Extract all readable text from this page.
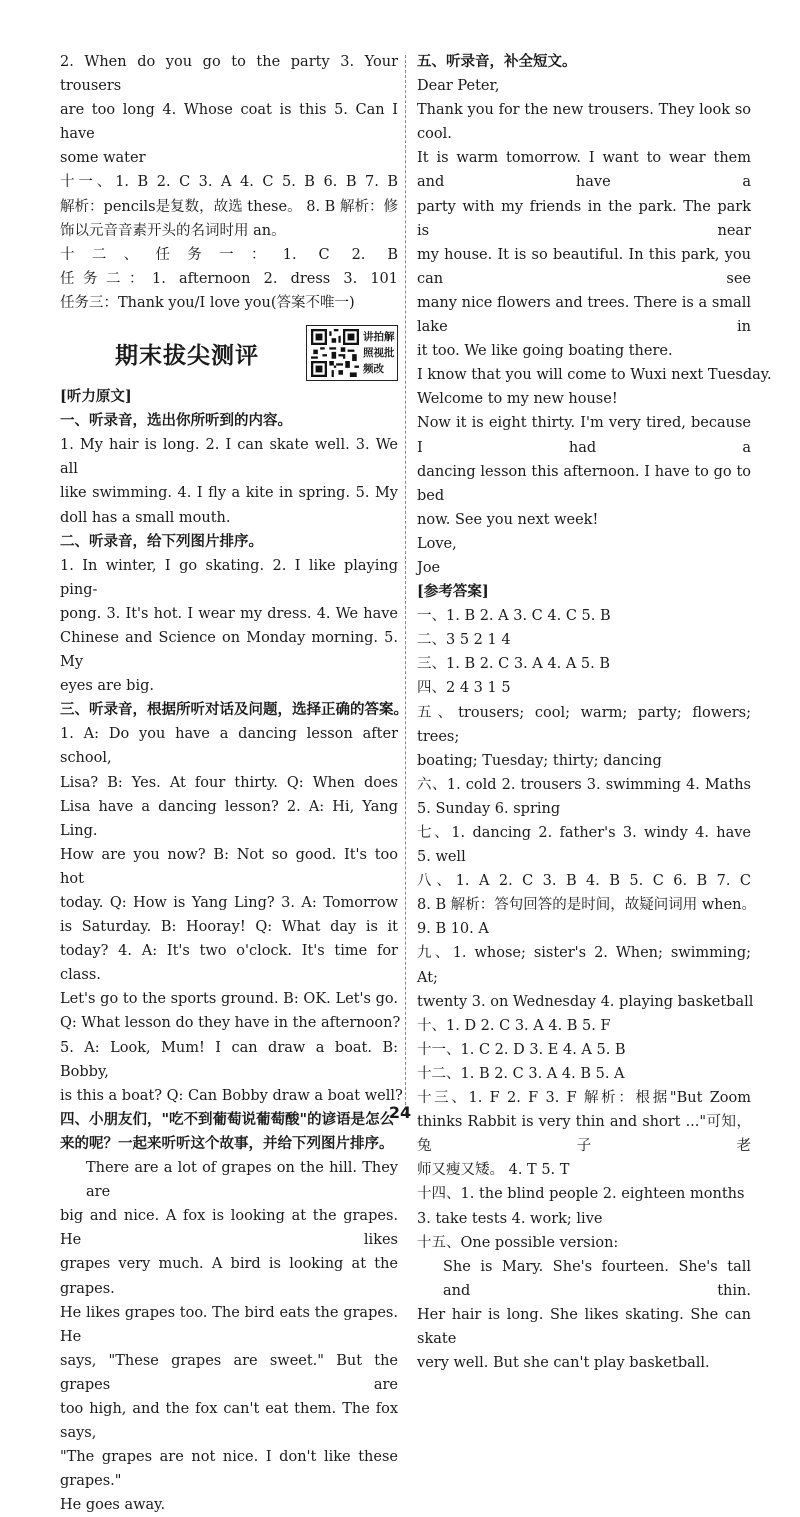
2. When do you go to the party 3. Your trousers
are too long 4. Whose coat is this 5. Can I have
some water
十一、1. B 2. C 3. A 4. C 5. B 6. B 7. B
解析：pencils是复数，故选 these。 8. B 解析：修
饰以元音音素开头的名词时用 an。
十二、任务一：1. C 2. B
任务二：1. afternoon 2. dress 3. 101
任务三：Thank you/I love you(答案不唯一)
期末拔尖测评
讲拍解照视批频改
[听力原文]
一、听录音，选出你所听到的内容。
1. My hair is long. 2. I can skate well. 3. We all
like swimming. 4. I fly a kite in spring. 5. My
doll has a small mouth.
二、听录音，给下列图片排序。
1. In winter, I go skating. 2. I like playing ping-
pong. 3. It's hot. I wear my dress. 4. We have
Chinese and Science on Monday morning. 5. My
eyes are big.
三、听录音，根据所听对话及问题，选择正确的答案。
1. A: Do you have a dancing lesson after school,
Lisa? B: Yes. At four thirty. Q: When does
Lisa have a dancing lesson? 2. A: Hi, Yang Ling.
How are you now? B: Not so good. It's too hot
today. Q: How is Yang Ling? 3. A: Tomorrow
is Saturday. B: Hooray! Q: What day is it
today? 4. A: It's two o'clock. It's time for class.
Let's go to the sports ground. B: OK. Let's go.
Q: What lesson do they have in the afternoon?
5. A: Look, Mum! I can draw a boat. B: Bobby,
is this a boat? Q: Can Bobby draw a boat well?
四、小朋友们，"吃不到葡萄说葡萄酸"的谚语是怎么
来的呢？一起来听听这个故事，并给下列图片排序。
There are a lot of grapes on the hill. They are
big and nice. A fox is looking at the grapes. He likes
grapes very much. A bird is looking at the grapes.
He likes grapes too. The bird eats the grapes. He
says, "These grapes are sweet." But the grapes are
too high, and the fox can't eat them. The fox says,
"The grapes are not nice. I don't like these grapes."
He goes away.
五、听录音，补全短文。
Dear Peter,
Thank you for the new trousers. They look so cool.
It is warm tomorrow. I want to wear them and have a
party with my friends in the park. The park is near
my house. It is so beautiful. In this park, you can see
many nice flowers and trees. There is a small lake in
it too. We like going boating there.
I know that you will come to Wuxi next Tuesday.
Welcome to my new house!
Now it is eight thirty. I'm very tired, because I had a
dancing lesson this afternoon. I have to go to bed
now. See you next week!
Love,
Joe
[参考答案]
一、1. B 2. A 3. C 4. C 5. B
二、3 5 2 1 4
三、1. B 2. C 3. A 4. A 5. B
四、2 4 3 1 5
五、trousers; cool; warm; party; flowers; trees;
boating; Tuesday; thirty; dancing
六、1. cold 2. trousers 3. swimming 4. Maths
5. Sunday 6. spring
七、1. dancing 2. father's 3. windy 4. have
5. well
八、1. A 2. C 3. B 4. B 5. C 6. B 7. C
8. B 解析：答句回答的是时间，故疑问词用 when。
9. B 10. A
九、1. whose; sister's 2. When; swimming; At;
twenty 3. on Wednesday 4. playing basketball
十、1. D 2. C 3. A 4. B 5. F
十一、1. C 2. D 3. E 4. A 5. B
十二、1. B 2. C 3. A 4. B 5. A
十三、1. F 2. F 3. F 解析：根据"But Zoom
thinks Rabbit is very thin and short ..."可知，兔子老
师又瘦又矮。 4. T 5. T
十四、1. the blind people 2. eighteen months
3. take tests 4. work; live
十五、One possible version:
She is Mary. She's fourteen. She's tall and thin.
Her hair is long. She likes skating. She can skate
very well. But she can't play basketball.
24
